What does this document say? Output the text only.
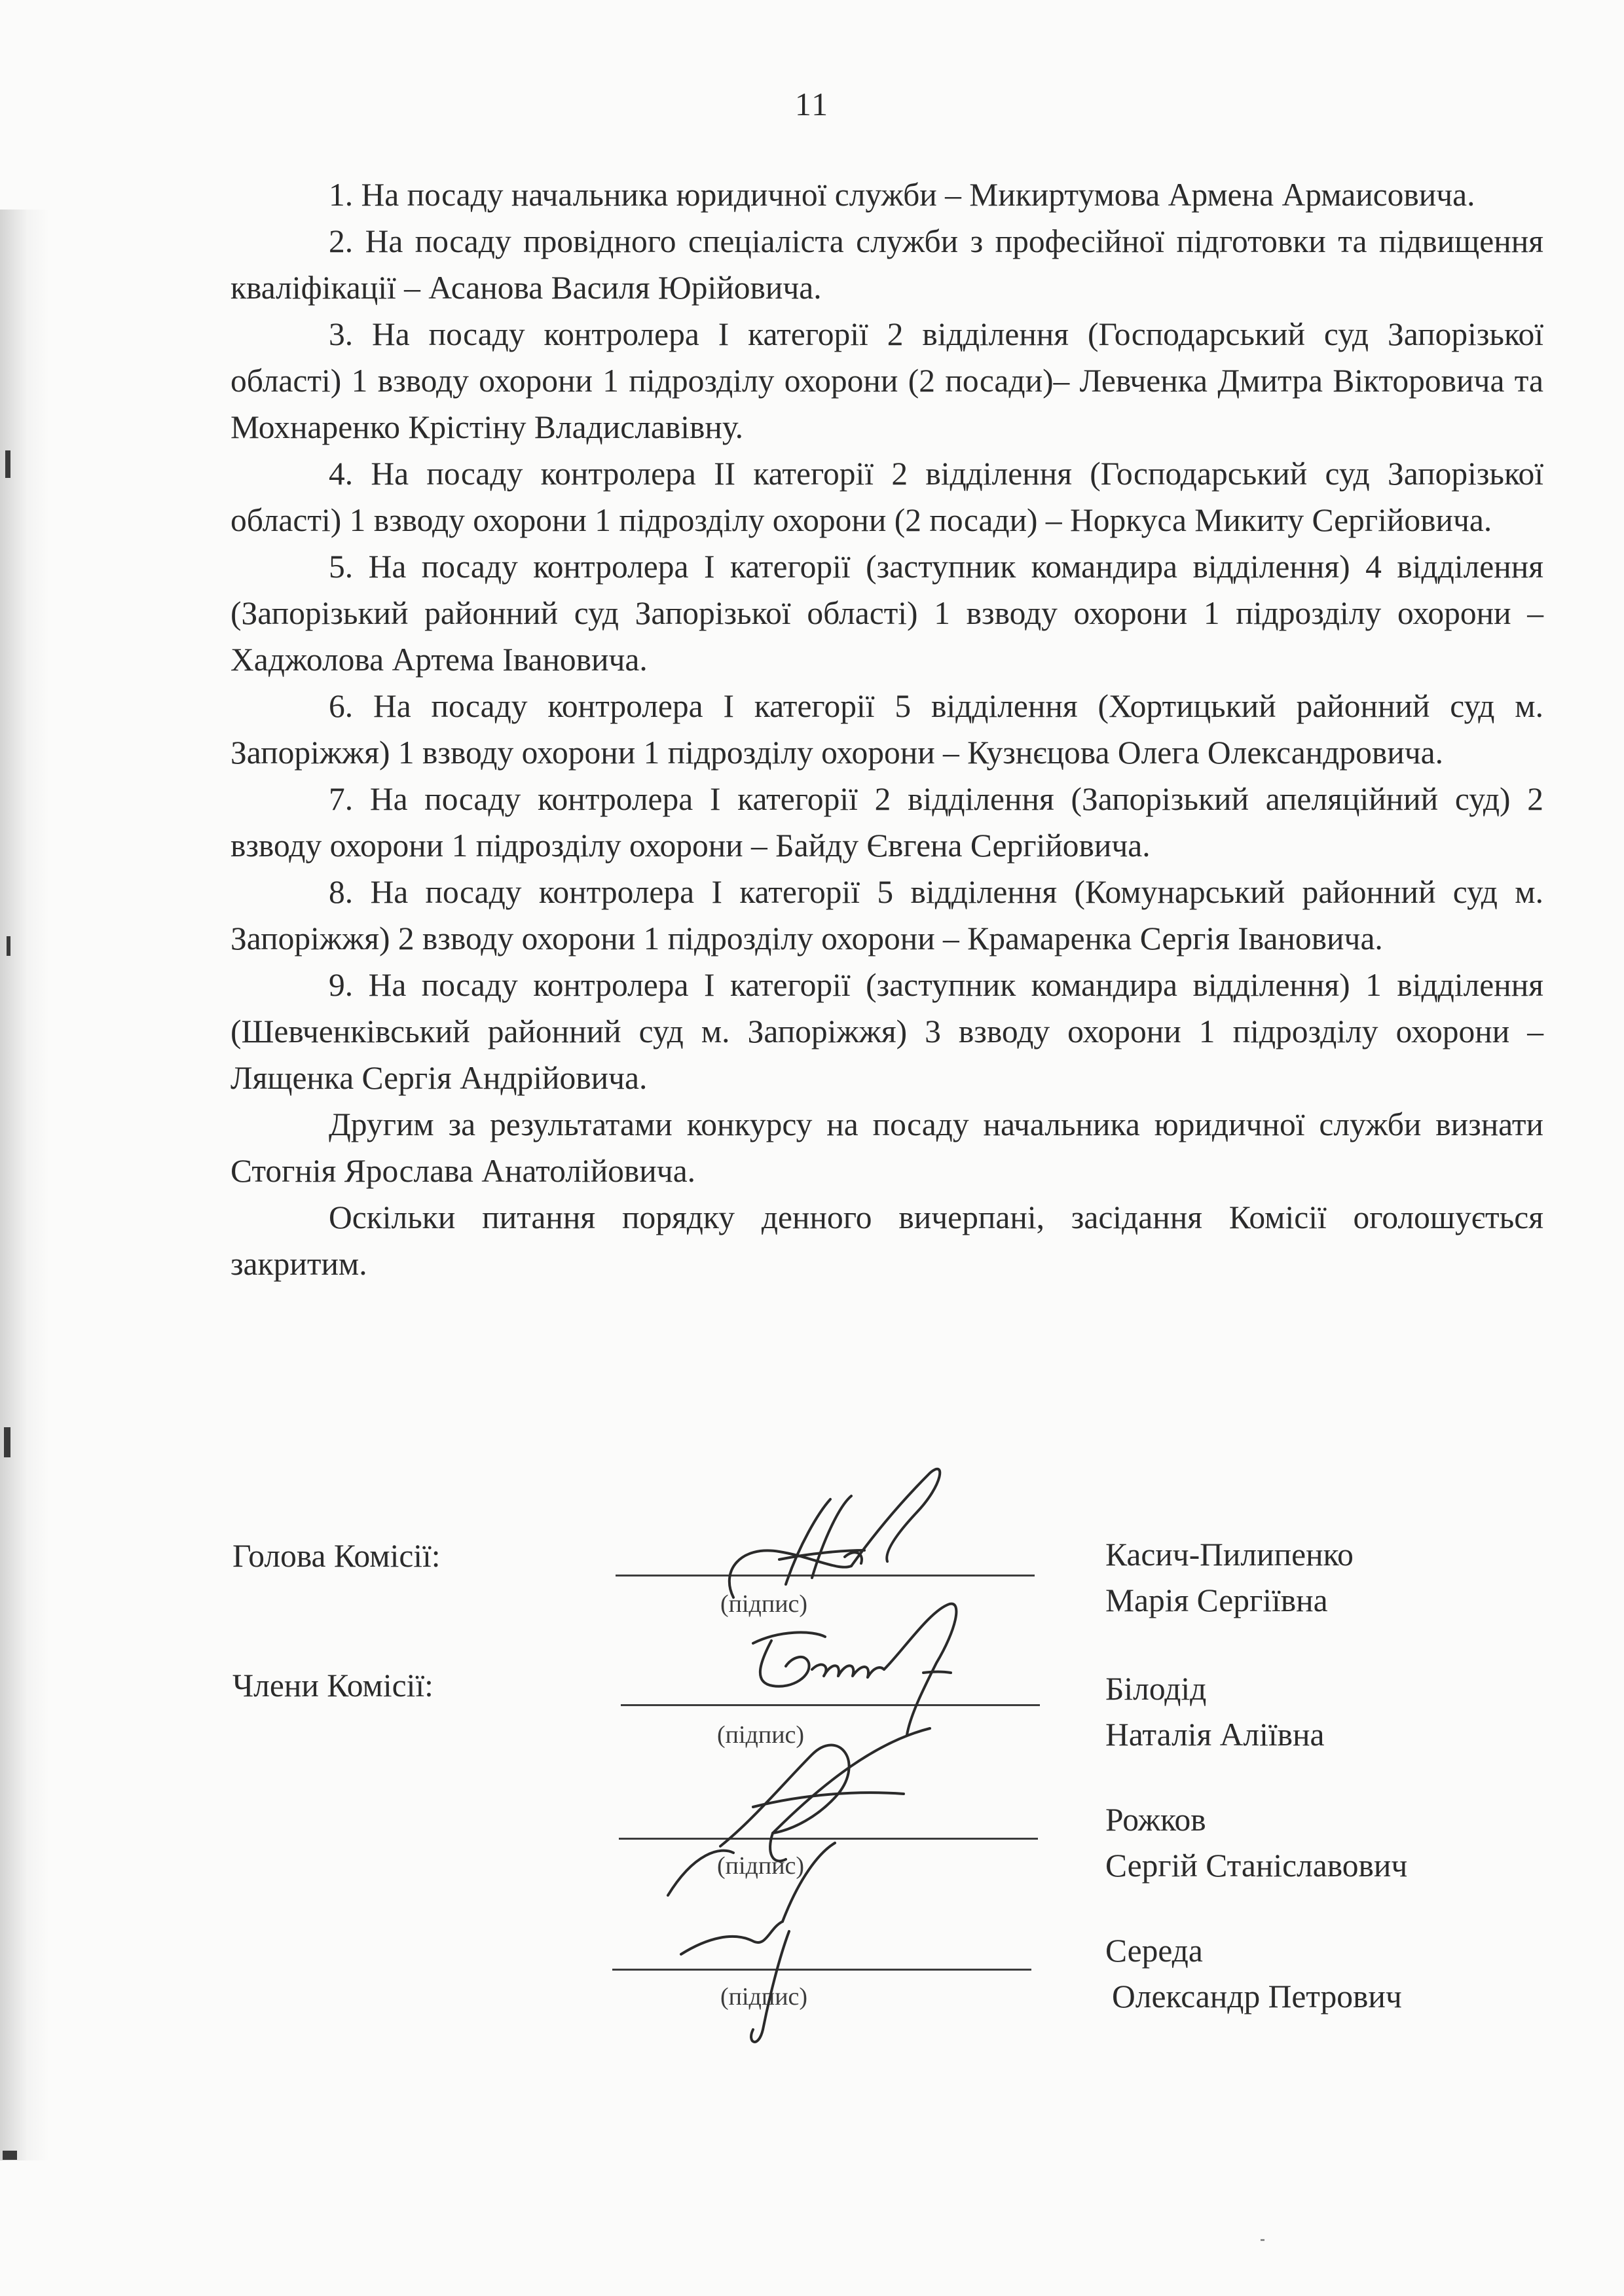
11

1. На посаду начальника юридичної служби – Микиртумова Армена Армаисовича.

2. На посаду провідного спеціаліста служби з професійної підготовки та підвищення кваліфікації – Асанова Василя Юрійовича.

3. На посаду контролера I категорії 2 відділення (Господарський суд Запорізької області) 1 взводу охорони 1 підрозділу охорони (2 посади)– Левченка Дмитра Вікторовича та Мохнаренко Крістіну Владиславівну.

4. На посаду контролера II категорії 2 відділення (Господарський суд Запорізької області) 1 взводу охорони 1 підрозділу охорони (2 посади) – Норкуса Микиту Сергійовича.

5. На посаду контролера I категорії (заступник командира відділення) 4 відділення (Запорізький районний суд Запорізької області) 1 взводу охорони 1 підрозділу охорони – Хаджолова Артема Івановича.

6. На посаду контролера I категорії 5 відділення (Хортицький районний суд м. Запоріжжя) 1 взводу охорони 1 підрозділу охорони – Кузнєцова Олега Олександровича.

7. На посаду контролера I категорії 2 відділення (Запорізький апеляційний суд) 2 взводу охорони 1 підрозділу охорони – Байду Євгена Сергійовича.

8. На посаду контролера I категорії 5 відділення (Комунарський районний суд м. Запоріжжя) 2 взводу охорони 1 підрозділу охорони – Крамаренка Сергія Івановича.

9. На посаду контролера I категорії (заступник командира відділення) 1 відділення (Шевченківський районний суд м. Запоріжжя) 3 взводу охорони 1 підрозділу охорони – Лященка Сергія Андрійовича.

Другим за результатами конкурсу на посаду начальника юридичної служби визнати Стогнія Ярослава Анатолійовича.

Оскільки питання порядку денного вичерпані, засідання Комісії оголошується закритим.

Голова Комісії:
Члени Комісії:
(підпис)
(підпис)
(підпис)
(підпис)
Касич-Пилипенко
Марія Сергіївна
Білодід
Наталія Аліївна
Рожков
Сергій Станіславович
Середа
Олександр Петрович
